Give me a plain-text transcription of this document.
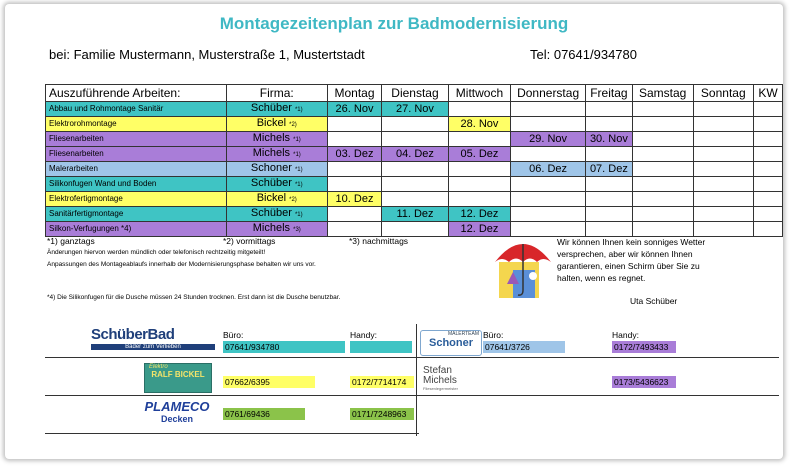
Montagezeitenplan zur Badmodernisierung
bei: Familie Mustermann, Musterstraße 1, Mustertstadt	Tel: 07641/934780
Auszuführende Arbeiten:	Firma:	Montag	Dienstag	Mittwoch	Donnerstag	Freitag	Samstag	Sonntag	KW
Abbau und Rohmontage Sanitär	Schüber *1)	26. Nov	27. Nov						
Elektrorohmontage	Bickel *2)			28. Nov					
Fliesenarbeiten	Michels *1)				29. Nov	30. Nov			
Fliesenarbeiten	Michels *1)	03. Dez	04. Dez	05. Dez					
Malerarbeiten	Schoner *1)				06. Dez	07. Dez			
Silikonfugen Wand und Boden	Schüber *1)								
Elektrofertigmontage	Bickel *2)	10. Dez							
Sanitärfertigmontage	Schüber *1)		11. Dez	12. Dez					
Silkon-Verfugungen *4)	Michels *3)			12. Dez					
*1) ganztags	*2) vormittags	*3) nachmittags
Änderungen hiervon werden mündlich oder telefonisch rechtzeitig mitgeteilt!
Anpassungen des Montageablaufs innerhalb der Modernisierungsphase behalten wir uns vor.
*4) Die Silikonfugen für die Dusche müssen 24 Stunden trocknen. Erst dann ist die Dusche benutzbar.
Wir können Ihnen kein sonniges Wetter versprechen, aber wir können Ihnen garantieren, einen Schirm über Sie zu halten, wenn es regnet.
Uta Schüber
SchüberBad
Bäder zum Verlieben
Büro:	Handy:
07641/934780
MALERTEAM
Schoner
Büro:	Handy:
07641/3726	0172/7493433
Elektro
RALF BICKEL
07662/6395	0172/7714174
Stefan
Michels
Fliesenlegermeister
0173/5436623
PLAMECO
Decken	0761/69436	0171/7248963
